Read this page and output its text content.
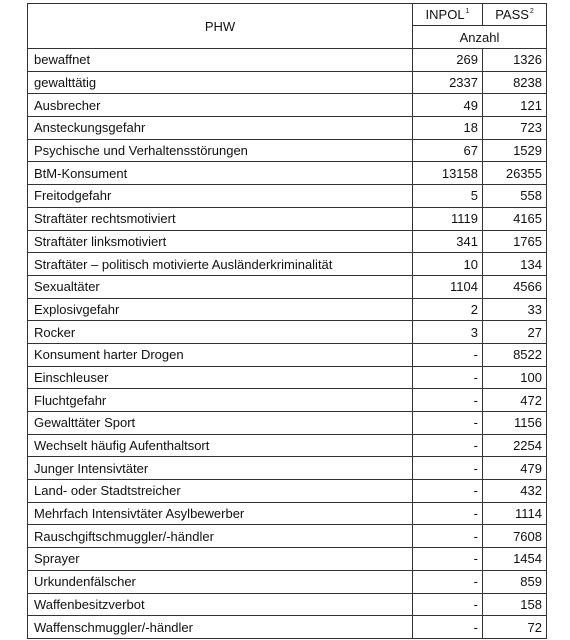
PHW	INPOL$^1$	PASS$^2$
	Anzahl	
bewaffnet	269	1326
gewalttätig	2337	8238
Ausbrecher	49	121
Ansteckungsgefahr	18	723
Psychische und Verhaltensstörungen	67	1529
BtM-Konsument	13158	26355
Freitodgefahr	5	558
Straftäter rechtsmotiviert	1119	4165
Straftäter linksmotiviert	341	1765
Straftäter – politisch motivierte Ausländerkriminalität	10	134
Sexualtäter	1104	4566
Explosivgefahr	2	33
Rocker	3	27
Konsument harter Drogen	-	8522
Einschleuser	-	100
Fluchtgefahr	-	472
Gewalttäter Sport	-	1156
Wechselt häufig Aufenthaltsort	-	2254
Junger Intensivtäter	-	479
Land- oder Stadtstreicher	-	432
Mehrfach Intensivtäter Asylbewerber	-	1114
Rauschgiftschmuggler/-händler	-	7608
Sprayer	-	1454
Urkundenfälscher	-	859
Waffenbesitzverbot	-	158
Waffenschmuggler/-händler	-	72
